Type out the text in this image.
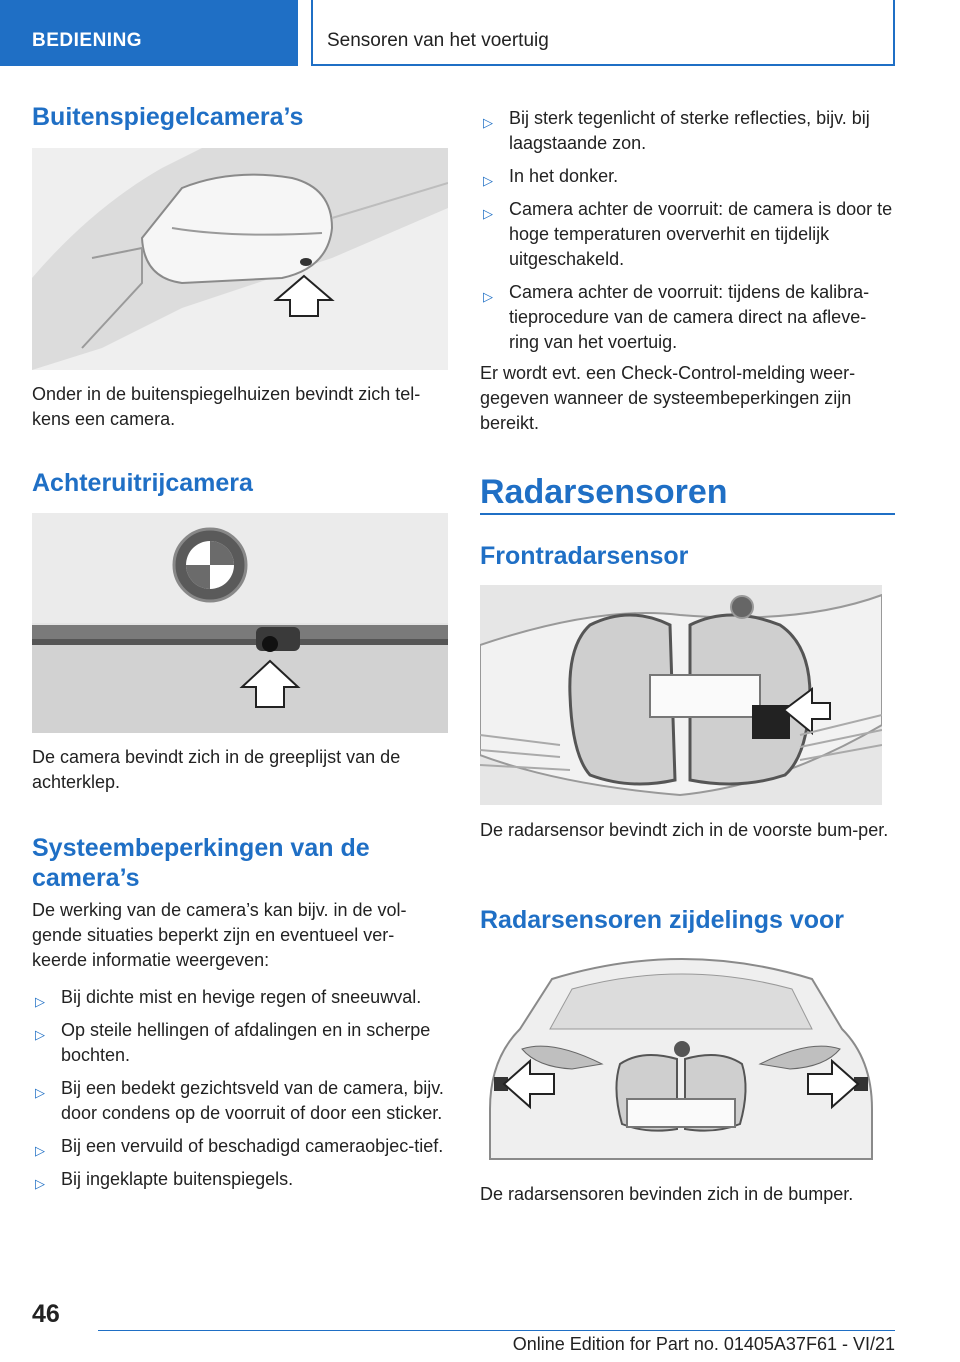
BEDIENING	Sensoren van het voertuig
Buitenspiegelcamera’s

Onder in de buitenspiegelhuizen bevindt zich tel-kens een camera.

Achteruitrijcamera

De camera bevindt zich in de greeplijst van de achterklep.

Systeembeperkingen van de camera’s

De werking van de camera’s kan bijv. in de vol-gende situaties beperkt zijn en eventueel ver-keerde informatie weergeven:

▷ Bij dichte mist en hevige regen of sneeuwval.
▷ Op steile hellingen of afdalingen en in scherpe bochten.
▷ Bij een bedekt gezichtsveld van de camera, bijv. door condens op de voorruit of door een sticker.
▷ Bij een vervuild of beschadigd cameraobjec-tief.
▷ Bij ingeklapte buitenspiegels.
▷ Bij sterk tegenlicht of sterke reflecties, bijv. bij laagstaande zon.
▷ In het donker.
▷ Camera achter de voorruit: de camera is door te hoge temperaturen oververhit en tijdelijk uitgeschakeld.
▷ Camera achter de voorruit: tijdens de kalibra-tieprocedure van de camera direct na afleve-ring van het voertuig.

Er wordt evt. een Check-Control-melding weer-gegeven wanneer de systeembeperkingen zijn bereikt.

Radarsensoren
Frontradarsensor

De radarsensor bevindt zich in de voorste bum-per.

Radarsensoren zijdelings voor

De radarsensoren bevinden zich in de bumper.

46
Online Edition for Part no. 01405A37F61 - VI/21
